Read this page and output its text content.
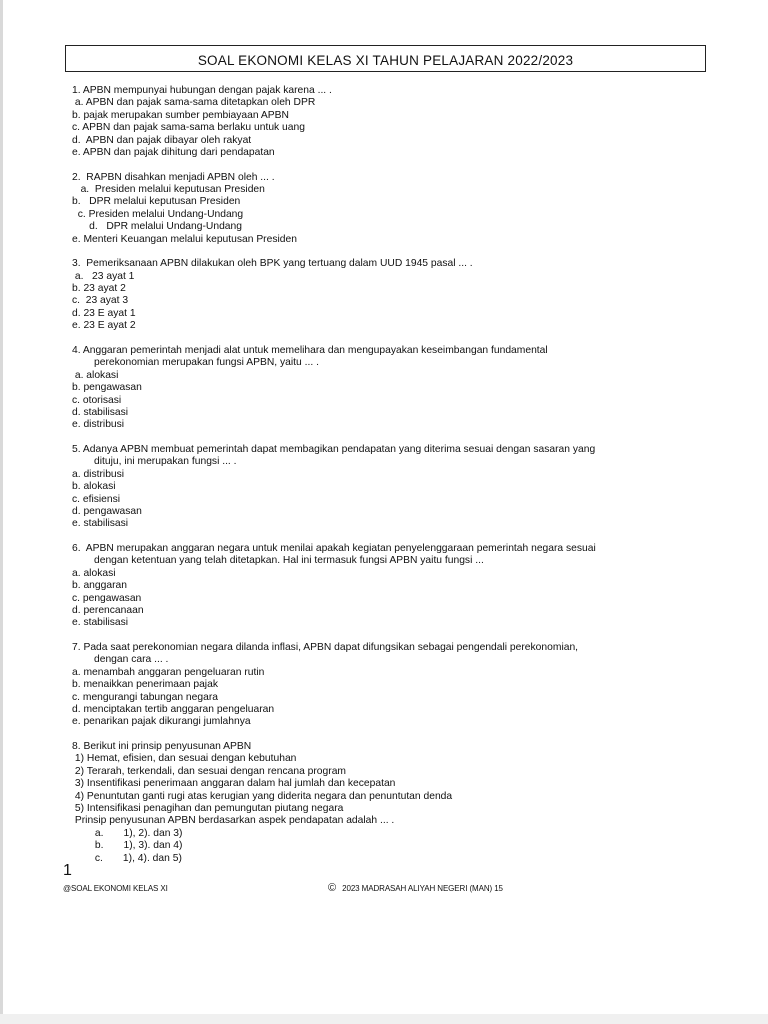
SOAL EKONOMI KELAS XI TAHUN PELAJARAN 2022/2023
1. APBN mempunyai hubungan dengan pajak karena ... .
a. APBN dan pajak sama-sama ditetapkan oleh DPR
b. pajak merupakan sumber pembiayaan APBN
c. APBN dan pajak sama-sama berlaku untuk uang
d.  APBN dan pajak dibayar oleh rakyat
e. APBN dan pajak dihitung dari pendapatan
2.  RAPBN disahkan menjadi APBN oleh ... .
a.  Presiden melalui keputusan Presiden
b.   DPR melalui keputusan Presiden
c. Presiden melalui Undang-Undang
d.   DPR melalui Undang-Undang
e. Menteri Keuangan melalui keputusan Presiden
3.  Pemeriksanaan APBN dilakukan oleh BPK yang tertuang dalam UUD 1945 pasal ... .
a.   23 ayat 1
b. 23 ayat 2
c.  23 ayat 3
d. 23 E ayat 1
e. 23 E ayat 2
4. Anggaran pemerintah menjadi alat untuk memelihara dan mengupayakan keseimbangan fundamental
perekonomian merupakan fungsi APBN, yaitu ... .
a. alokasi
b. pengawasan
c. otorisasi
d. stabilisasi
e. distribusi
5. Adanya APBN membuat pemerintah dapat membagikan pendapatan yang diterima sesuai dengan sasaran yang
dituju, ini merupakan fungsi ... .
a. distribusi
b. alokasi
c. efisiensi
d. pengawasan
e. stabilisasi
6.  APBN merupakan anggaran negara untuk menilai apakah kegiatan penyelenggaraan pemerintah negara sesuai
dengan ketentuan yang telah ditetapkan. Hal ini termasuk fungsi APBN yaitu fungsi ...
a. alokasi
b. anggaran
c. pengawasan
d. perencanaan
e. stabilisasi
7. Pada saat perekonomian negara dilanda inflasi, APBN dapat difungsikan sebagai pengendali perekonomian,
dengan cara ... .
a. menambah anggaran pengeluaran rutin
b. menaikkan penerimaan pajak
c. mengurangi tabungan negara
d. menciptakan tertib anggaran pengeluaran
e. penarikan pajak dikurangi jumlahnya
8. Berikut ini prinsip penyusunan APBN
1) Hemat, efisien, dan sesuai dengan kebutuhan
2) Terarah, terkendali, dan sesuai dengan rencana program
3) Insentifikasi penerimaan anggaran dalam hal jumlah dan kecepatan
4) Penuntutan ganti rugi atas kerugian yang diderita negara dan penuntutan denda
5) Intensifikasi penagihan dan pemungutan piutang negara
Prinsip penyusunan APBN berdasarkan aspek pendapatan adalah ... .
a.       1), 2). dan 3)
b.       1), 3). dan 4)
c.       1), 4). dan 5)
1
@SOAL EKONOMI KELAS XI	© 2023 MADRASAH ALIYAH NEGERI (MAN) 15
